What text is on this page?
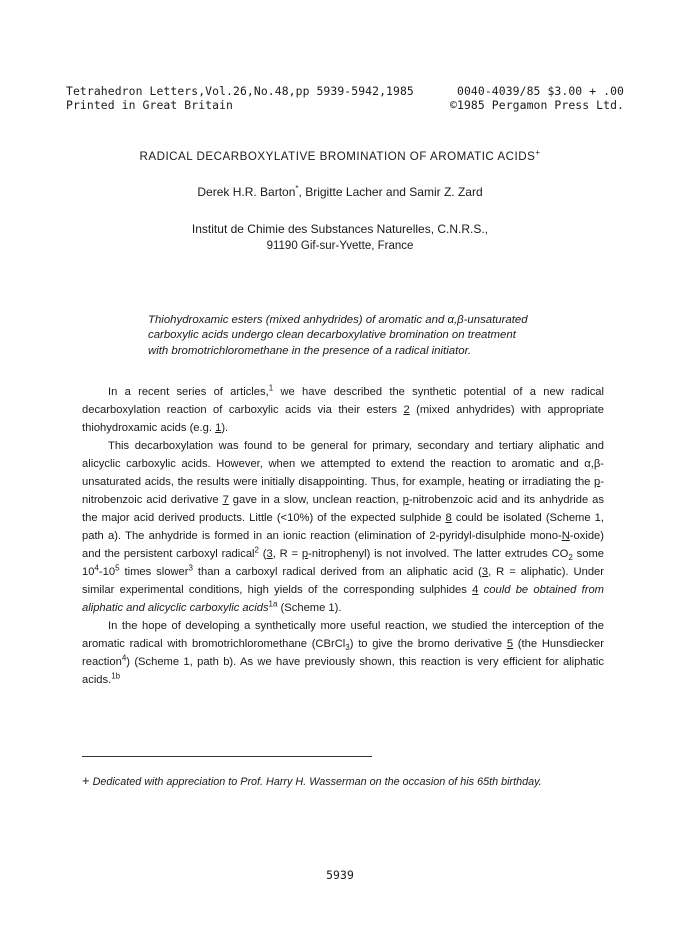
Tetrahedron Letters,Vol.26,No.48,pp 5939-5942,1985	0040-4039/85 $3.00 + .00
Printed in Great Britain	©1985 Pergamon Press Ltd.
RADICAL DECARBOXYLATIVE BROMINATION OF AROMATIC ACIDS+
Derek H.R. Barton*, Brigitte Lacher and Samir Z. Zard
Institut de Chimie des Substances Naturelles, C.N.R.S.,
91190 Gif-sur-Yvette, France

Thiohydroxamic esters (mixed anhydrides) of aromatic and α,β-unsaturated carboxylic acids undergo clean decarboxylative bromination on treatment with bromotrichloromethane in the presence of a radical initiator.

In a recent series of articles,$^1$ we have described the synthetic potential of a new radical decarboxylation reaction of carboxylic acids via their esters 2 (mixed anhydrides) with appropriate thiohydroxamic acids (e.g. 1).

This decarboxylation was found to be general for primary, secondary and tertiary aliphatic and alicyclic carboxylic acids. However, when we attempted to extend the reaction to aromatic and α,β-unsaturated acids, the results were initially disappointing. Thus, for example, heating or irradiating the p-nitrobenzoic acid derivative 7 gave in a slow, unclean reaction, p-nitrobenzoic acid and its anhydride as the major acid derived products. Little (<10%) of the expected sulphide 8 could be isolated (Scheme 1, path a). The anhydride is formed in an ionic reaction (elimination of 2-pyridyl-disulphide mono-N-oxide) and the persistent carboxyl radical$^2$ (3, R = p-nitrophenyl) is not involved. The latter extrudes $CO_2$ some $10^4-10^5$ times slower$^3$ than a carboxyl radical derived from an aliphatic acid (3, R = aliphatic). Under similar experimental conditions, high yields of the corresponding sulphides 4 could be obtained from aliphatic and alicyclic carboxylic acids$^{1a}$ (Scheme 1).

In the hope of developing a synthetically more useful reaction, we studied the interception of the aromatic radical with bromotrichloromethane (CBrCl$_3$) to give the bromo derivative 5 (the Hunsdiecker reaction$^4$) (Scheme 1, path b). As we have previously shown, this reaction is very efficient for aliphatic acids.$^{1b}$

+ Dedicated with appreciation to Prof. Harry H. Wasserman on the occasion of his 65th birthday.
5939
